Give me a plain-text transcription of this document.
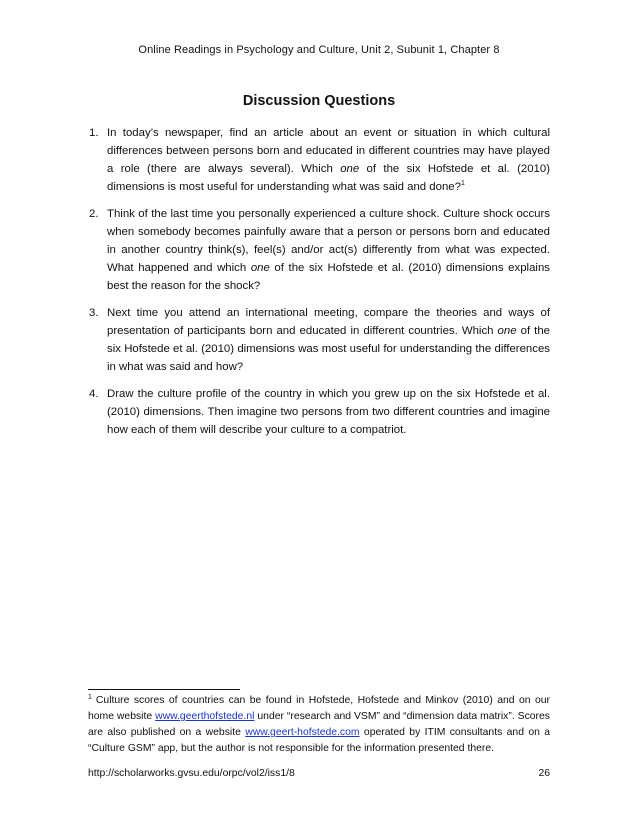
Online Readings in Psychology and Culture, Unit 2, Subunit 1, Chapter 8
Discussion Questions
1. In today’s newspaper, find an article about an event or situation in which cultural differences between persons born and educated in different countries may have played a role (there are always several). Which one of the six Hofstede et al. (2010) dimensions is most useful for understanding what was said and done?$^1$
2. Think of the last time you personally experienced a culture shock. Culture shock occurs when somebody becomes painfully aware that a person or persons born and educated in another country think(s), feel(s) and/or act(s) differently from what was expected. What happened and which one of the six Hofstede et al. (2010) dimensions explains best the reason for the shock?
3. Next time you attend an international meeting, compare the theories and ways of presentation of participants born and educated in different countries. Which one of the six Hofstede et al. (2010) dimensions was most useful for understanding the differences in what was said and how?
4. Draw the culture profile of the country in which you grew up on the six Hofstede et al. (2010) dimensions. Then imagine two persons from two different countries and imagine how each of them will describe your culture to a compatriot.
$^1$ Culture scores of countries can be found in Hofstede, Hofstede and Minkov (2010) and on our home website www.geerthofstede.nl under “research and VSM” and “dimension data matrix”. Scores are also published on a website www.geert-hofstede.com operated by ITIM consultants and on a “Culture GSM” app, but the author is not responsible for the information presented there.
http://scholarworks.gvsu.edu/orpc/vol2/iss1/8	26
